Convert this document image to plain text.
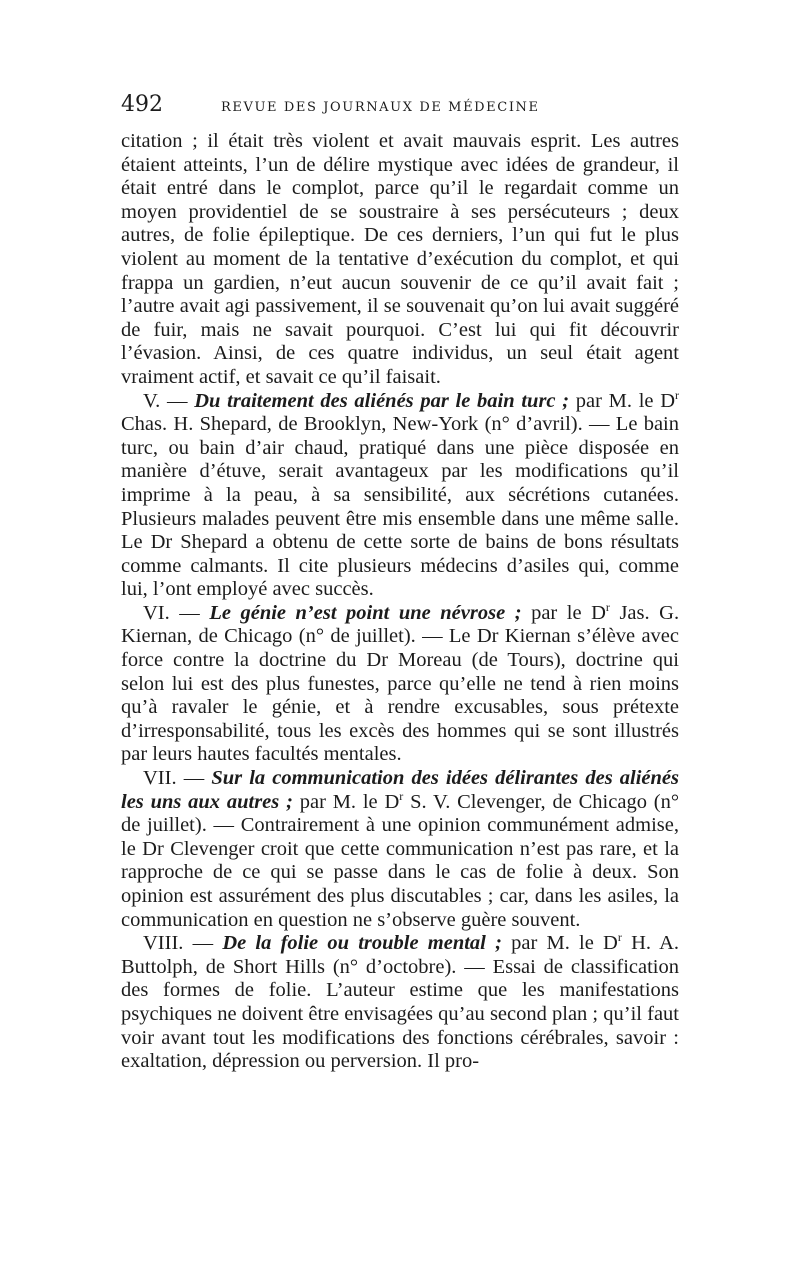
492	REVUE DES JOURNAUX DE MÉDECINE

citation ; il était très violent et avait mauvais esprit. Les autres étaient atteints, l’un de délire mystique avec idées de grandeur, il était entré dans le complot, parce qu’il le regardait comme un moyen providentiel de se soustraire à ses persécuteurs ; deux autres, de folie épileptique. De ces derniers, l’un qui fut le plus violent au moment de la tentative d’exécution du complot, et qui frappa un gardien, n’eut aucun souvenir de ce qu’il avait fait ; l’autre avait agi passivement, il se souvenait qu’on lui avait suggéré de fuir, mais ne savait pourquoi. C’est lui qui fit découvrir l’évasion. Ainsi, de ces quatre individus, un seul était agent vraiment actif, et savait ce qu’il faisait.

V. — Du traitement des aliénés par le bain turc ; par M. le $D^r$ Chas. H. Shepard, de Brooklyn, New-York (n° d’avril). — Le bain turc, ou bain d’air chaud, pratiqué dans une pièce disposée en manière d’étuve, serait avantageux par les modifications qu’il imprime à la peau, à sa sensibilité, aux sécrétions cutanées. Plusieurs malades peuvent être mis ensemble dans une même salle. Le Dr Shepard a obtenu de cette sorte de bains de bons résultats comme calmants. Il cite plusieurs médecins d’asiles qui, comme lui, l’ont employé avec succès.

VI. — Le génie n’est point une névrose ; par le $D^r$ Jas. G. Kiernan, de Chicago (n° de juillet). — Le Dr Kiernan s’élève avec force contre la doctrine du Dr Moreau (de Tours), doctrine qui selon lui est des plus funestes, parce qu’elle ne tend à rien moins qu’à ravaler le génie, et à rendre excusables, sous prétexte d’irresponsabilité, tous les excès des hommes qui se sont illustrés par leurs hautes facultés mentales.

VII. — Sur la communication des idées délirantes des aliénés les uns aux autres ; par M. le $D^r$ S. V. Clevenger, de Chicago (n° de juillet). — Contrairement à une opinion communément admise, le Dr Clevenger croit que cette communication n’est pas rare, et la rapproche de ce qui se passe dans le cas de folie à deux. Son opinion est assurément des plus discutables ; car, dans les asiles, la communication en question ne s’observe guère souvent.

VIII. — De la folie ou trouble mental ; par M. le $D^r$ H. A. Buttolph, de Short Hills (n° d’octobre). — Essai de classification des formes de folie. L’auteur estime que les manifestations psychiques ne doivent être envisagées qu’au second plan ; qu’il faut voir avant tout les modifications des fonctions cérébrales, savoir : exaltation, dépression ou perversion. Il pro-
